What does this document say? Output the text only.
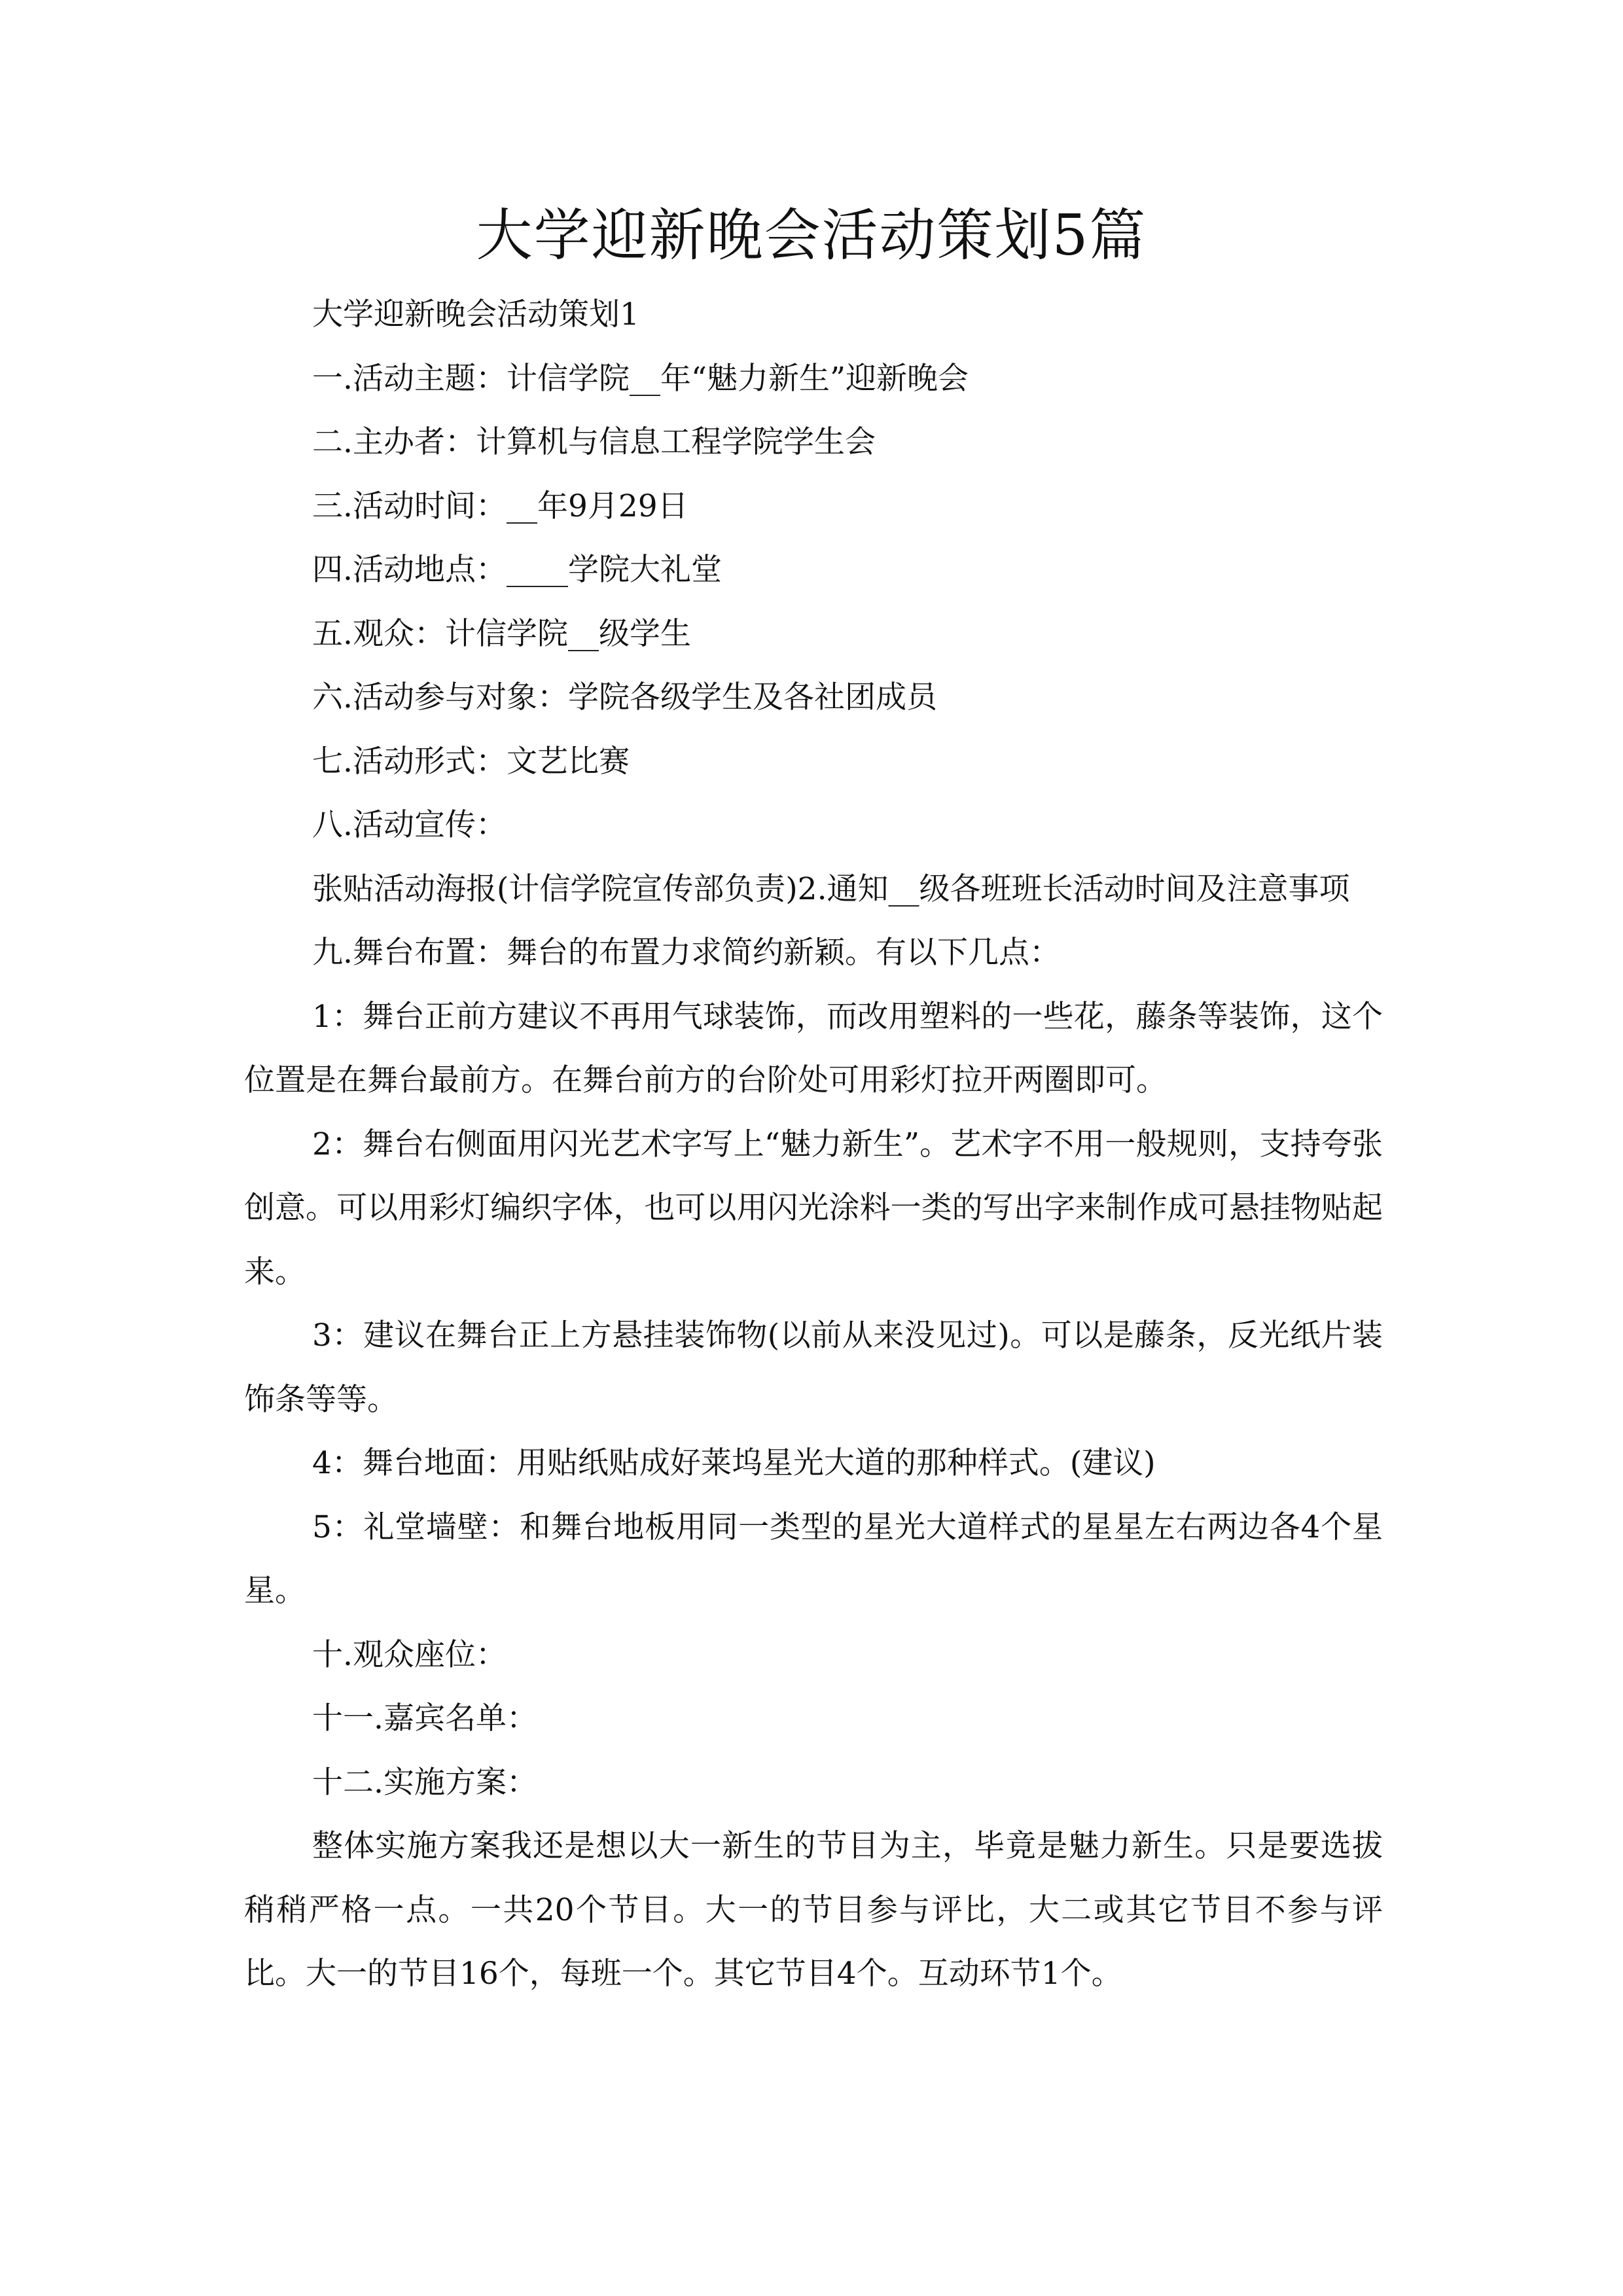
大学迎新晚会活动策划5篇

大学迎新晚会活动策划1

一.活动主题：计信学院__年“魅力新生”迎新晚会

二.主办者：计算机与信息工程学院学生会

三.活动时间：__年9月29日

四.活动地点：____学院大礼堂

五.观众：计信学院__级学生

六.活动参与对象：学院各级学生及各社团成员

七.活动形式：文艺比赛

八.活动宣传：

张贴活动海报(计信学院宣传部负责)2.通知__级各班班长活动时间及注意事项

九.舞台布置：舞台的布置力求简约新颖。有以下几点：

1：舞台正前方建议不再用气球装饰，而改用塑料的一些花，藤条等装饰，这个位置是在舞台最前方。在舞台前方的台阶处可用彩灯拉开两圈即可。

2：舞台右侧面用闪光艺术字写上“魅力新生”。艺术字不用一般规则，支持夸张创意。可以用彩灯编织字体，也可以用闪光涂料一类的写出字来制作成可悬挂物贴起来。

3：建议在舞台正上方悬挂装饰物(以前从来没见过)。可以是藤条，反光纸片装饰条等等。

4：舞台地面：用贴纸贴成好莱坞星光大道的那种样式。(建议)

5：礼堂墙壁：和舞台地板用同一类型的星光大道样式的星星左右两边各4个星星。

十.观众座位：

十一.嘉宾名单：

十二.实施方案：

整体实施方案我还是想以大一新生的节目为主，毕竟是魅力新生。只是要选拔稍稍严格一点。一共20个节目。大一的节目参与评比，大二或其它节目不参与评比。大一的节目16个，每班一个。其它节目4个。互动环节1个。
